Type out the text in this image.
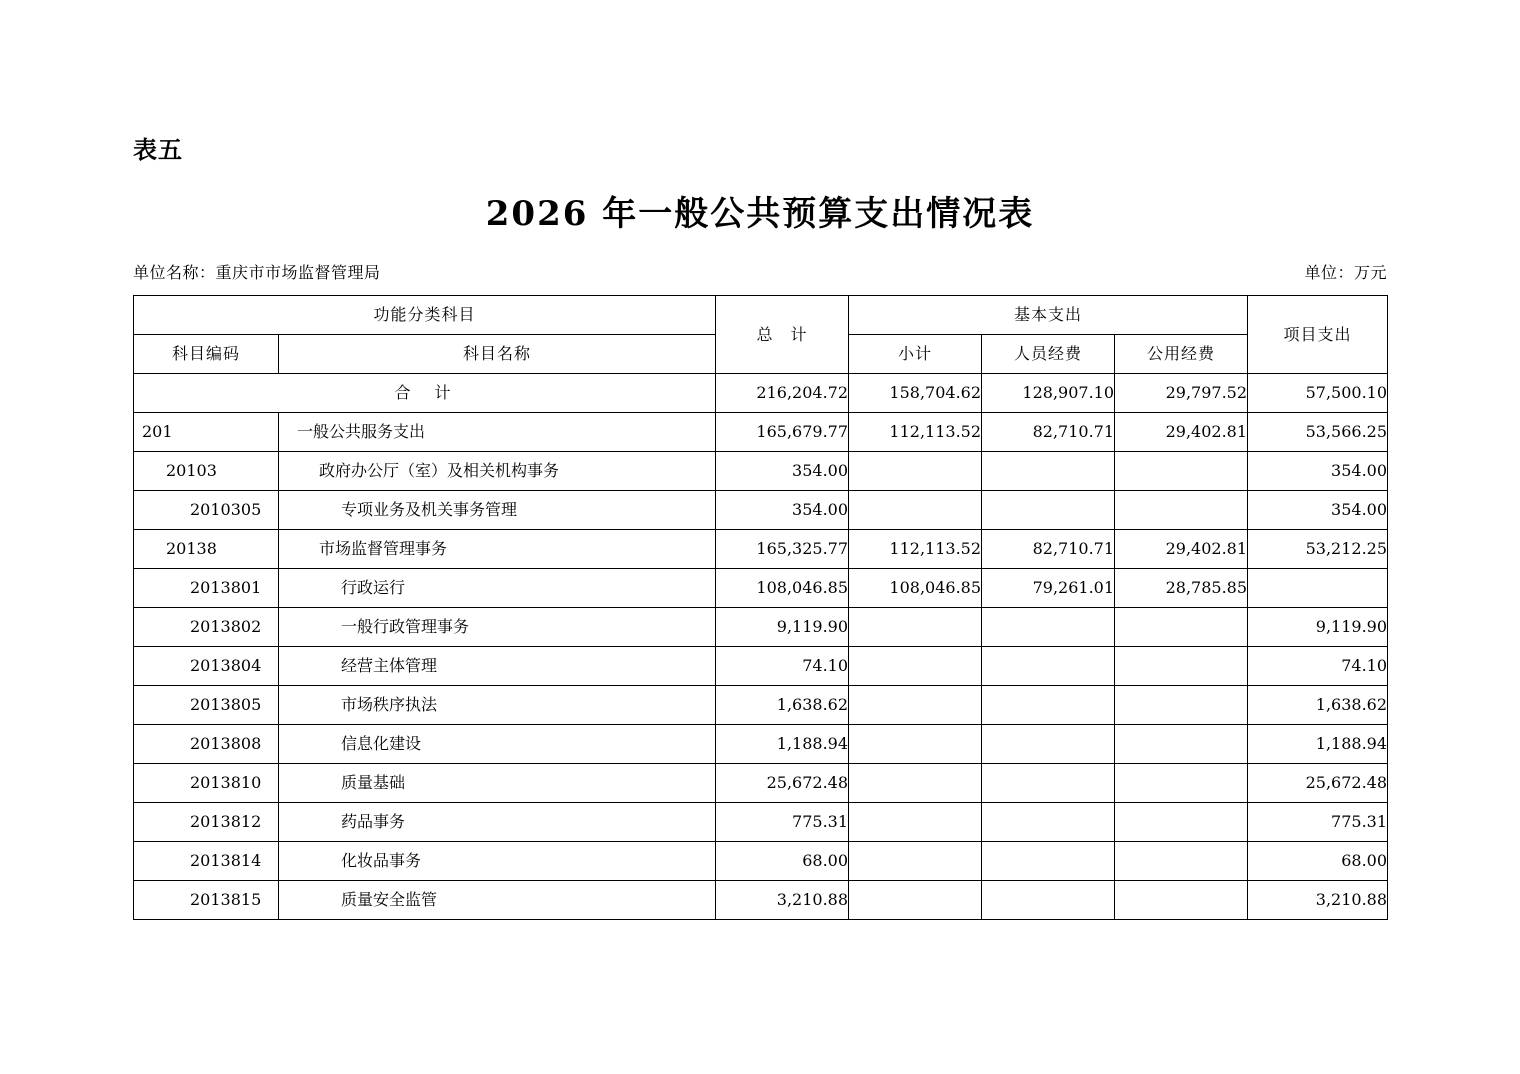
表五
2026 年一般公共预算支出情况表
单位名称：重庆市市场监督管理局	单位：万元
功能分类科目		总　计	基本支出			项目支出
科目编码	科目名称		小计	人员经费	公用经费	
合　计		216,204.72	158,704.62	128,907.10	29,797.52	57,500.10
201	一般公共服务支出	165,679.77	112,113.52	82,710.71	29,402.81	53,566.25
20103	政府办公厅（室）及相关机构事务	354.00				354.00
2010305	专项业务及机关事务管理	354.00				354.00
20138	市场监督管理事务	165,325.77	112,113.52	82,710.71	29,402.81	53,212.25
2013801	行政运行	108,046.85	108,046.85	79,261.01	28,785.85	
2013802	一般行政管理事务	9,119.90				9,119.90
2013804	经营主体管理	74.10				74.10
2013805	市场秩序执法	1,638.62				1,638.62
2013808	信息化建设	1,188.94				1,188.94
2013810	质量基础	25,672.48				25,672.48
2013812	药品事务	775.31				775.31
2013814	化妆品事务	68.00				68.00
2013815	质量安全监管	3,210.88				3,210.88
